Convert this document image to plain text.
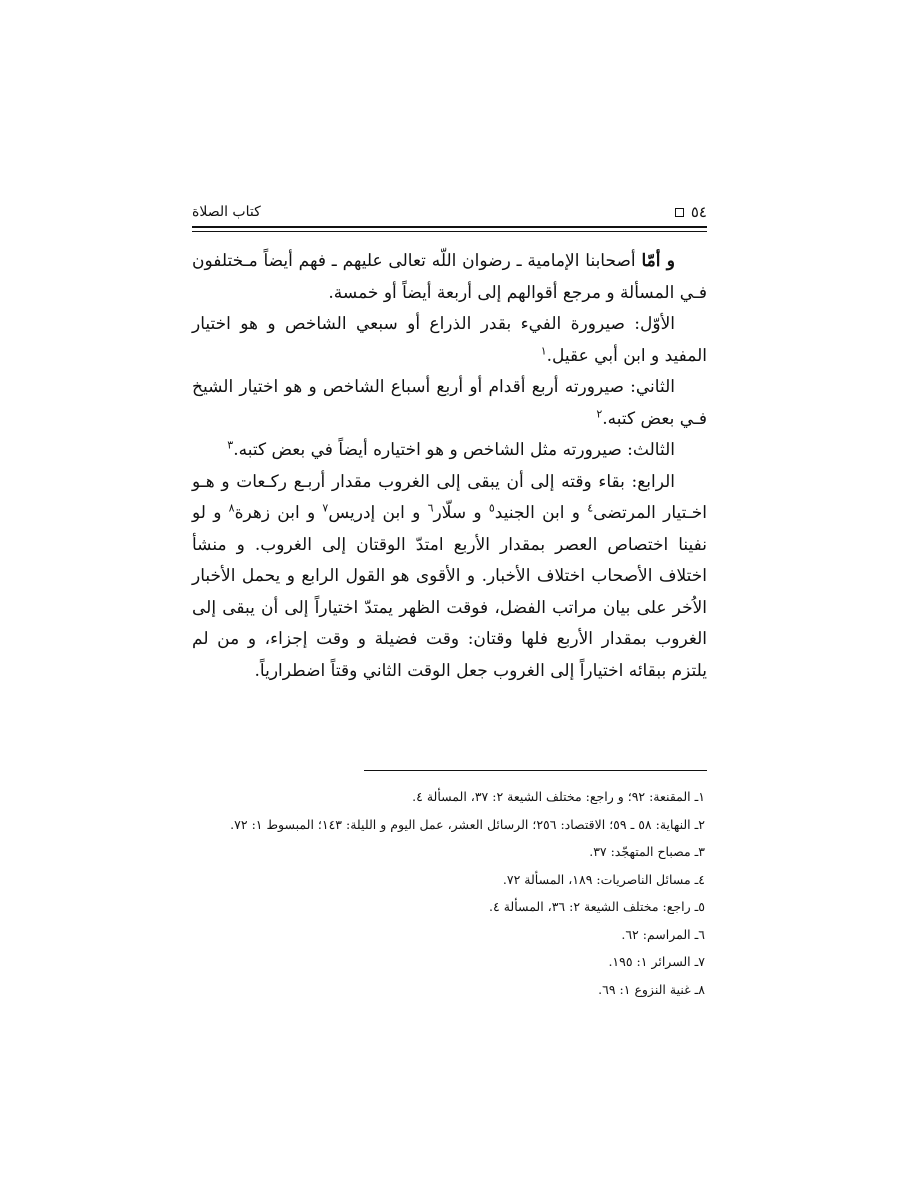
٥٤
كتاب الصلاة

و أمّا أصحابنا الإمامية ـ رضوان اللّه تعالى عليهم ـ فهم أيضاً مـختلفون فـي المسألة و مرجع أقوالهم إلى أربعة أيضاً أو خمسة.

الأوّل: صيرورة الفيء بقدر الذراع أو سبعي الشاخص و هو اختيار المفيد و ابن أبي عقيل.$^١$

الثاني: صيرورته أربع أقدام أو أربع أسباع الشاخص و هو اختيار الشيخ فـي بعض كتبه.$^٢$

الثالث: صيرورته مثل الشاخص و هو اختياره أيضاً في بعض كتبه.$^٣$

الرابع: بقاء وقته إلى أن يبقى إلى الغروب مقدار أربـع ركـعات و هـو اخـتيار المرتضى$^٤$ و ابن الجنيد$^٥$ و سلّار$^٦$ و ابن إدريس$^٧$ و ابن زهرة$^٨$ و لو نفينا اختصاص العصر بمقدار الأربع امتدّ الوقتان إلى الغروب. و منشأ اختلاف الأصحاب اختلاف الأخبار. و الأقوى هو القول الرابع و يحمل الأخبار الاُخر على بيان مراتب الفضل، فوقت الظهر يمتدّ اختياراً إلى أن يبقى إلى الغروب بمقدار الأربع فلها وقتان: وقت فضيلة و وقت إجزاء، و من لم يلتزم ببقائه اختياراً إلى الغروب جعل الوقت الثاني وقتاً اضطرارياً.

١ـ المقنعة: ٩٢؛ و راجع: مختلف الشيعة ٢: ٣٧، المسألة ٤.
٢ـ النهاية: ٥٨ ـ ٥٩؛ الاقتصاد: ٢٥٦؛ الرسائل العشر، عمل اليوم و الليلة: ١٤٣؛ المبسوط ١: ٧٢.
٣ـ مصباح المتهجّد: ٣٧.
٤ـ مسائل الناصريات: ١٨٩، المسألة ٧٢.
٥ـ راجع: مختلف الشيعة ٢: ٣٦، المسألة ٤.
٦ـ المراسم: ٦٢.
٧ـ السرائر ١: ١٩٥.
٨ـ غنية النزوع ١: ٦٩.
